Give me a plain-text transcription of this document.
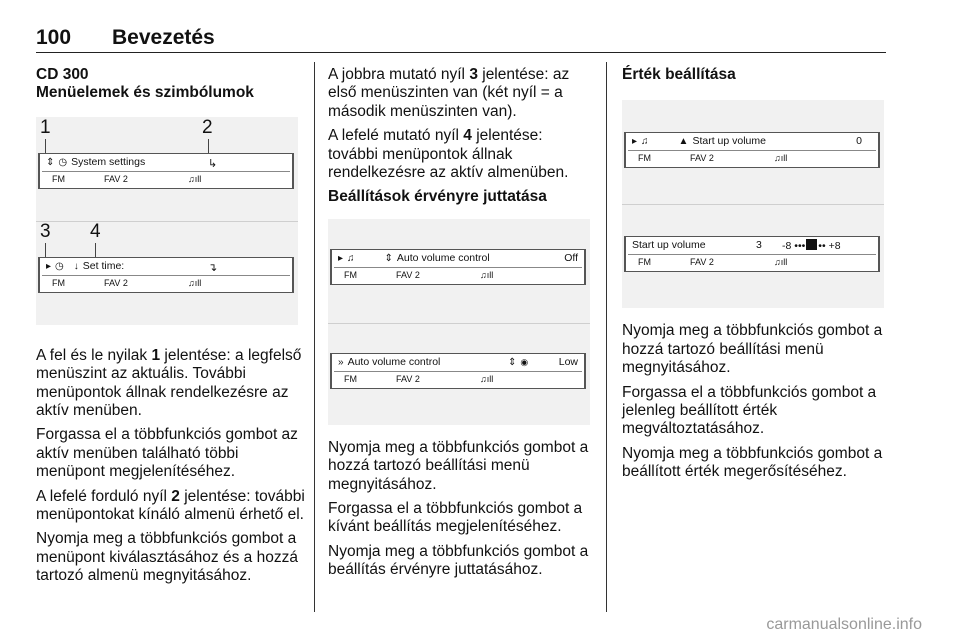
100 Bevezetés
CD 300
Menüelemek és szimbólumok
1	2
⇕ ◷ System settings	↳
FM	FAV 2	♫ıll
3 4
▸ ◷ ↓ Set time:	↴
FM	FAV 2	♫ıll

A fel és le nyilak 1 jelentése: a legfelső menüszint az aktuális. További menüpontok állnak rendelkezésre az aktív menüben.

Forgassa el a többfunkciós gombot az aktív menüben található többi menüpont megjelenítéséhez.

A lefelé forduló nyíl 2 jelentése: további menüpontokat kínáló almenü érhető el.

Nyomja meg a többfunkciós gombot a menüpont kiválasztásához és a hozzá tartozó almenü megnyitásához.

A jobbra mutató nyíl 3 jelentése: az első menüszinten van (két nyíl = a második menüszinten van).

A lefelé mutató nyíl 4 jelentése: további menüpontok állnak rendelkezésre az aktív almenüben.

Beállítások érvényre juttatása
▸ ♫	⇕ Auto volume control	Off
FM	FAV 2	♫ıll
» Auto volume control	⇕ ◉	Low
FM	FAV 2	♫ıll

Nyomja meg a többfunkciós gombot a hozzá tartozó beállítási menü megnyitásához.

Forgassa el a többfunkciós gombot a kívánt beállítás megjelenítéséhez.

Nyomja meg a többfunkciós gombot a beállítás érvényre juttatásához.

Érték beállítása
▸ ♫	▲ Start up volume	0
FM	FAV 2	♫ıll
Start up volume	3 -8 ••• •• +8
FM	FAV 2	♫ıll

Nyomja meg a többfunkciós gombot a hozzá tartozó beállítási menü megnyitásához.

Forgassa el a többfunkciós gombot a jelenleg beállított érték megváltoztatásához.

Nyomja meg a többfunkciós gombot a beállított érték megerősítéséhez.

carmanualsonline.info
